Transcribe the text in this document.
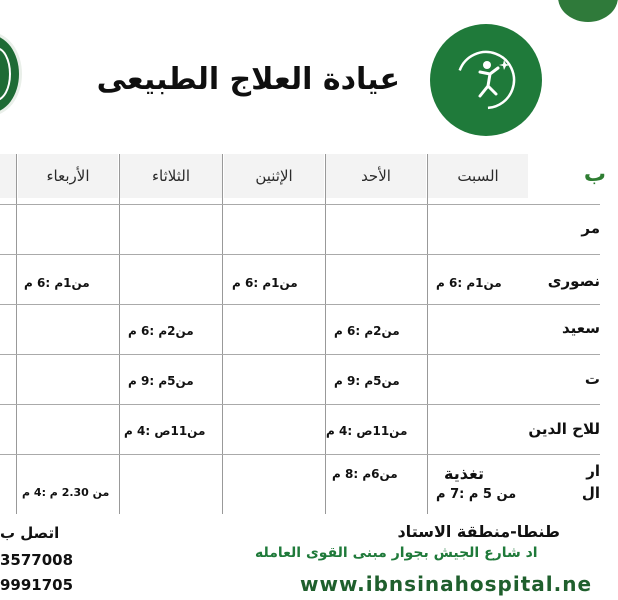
عيادة العلاج الطبيعى
السبت
الأحد
الإثنين
الثلاثاء
الأربعاء	ب
مر
نصورى
سعيد
ت
للاح الدين
ار
ال
من1م :6 م
من1م :6 م
من1م :6 م
من2م :6 م
من2م :6 م
من5م :9 م
من5م :9 م
من11ص :4 م
من11ص :4 م
تغذية
من 5 م :7 م
من6م :8 م
من 2.30 م :4 م
طنطا-منطقة الاستاد
اد شارع الجيش بجوار مبنى القوى العامله
www.ibnsinahospital.ne
اتصل ب
3577008
9991705
